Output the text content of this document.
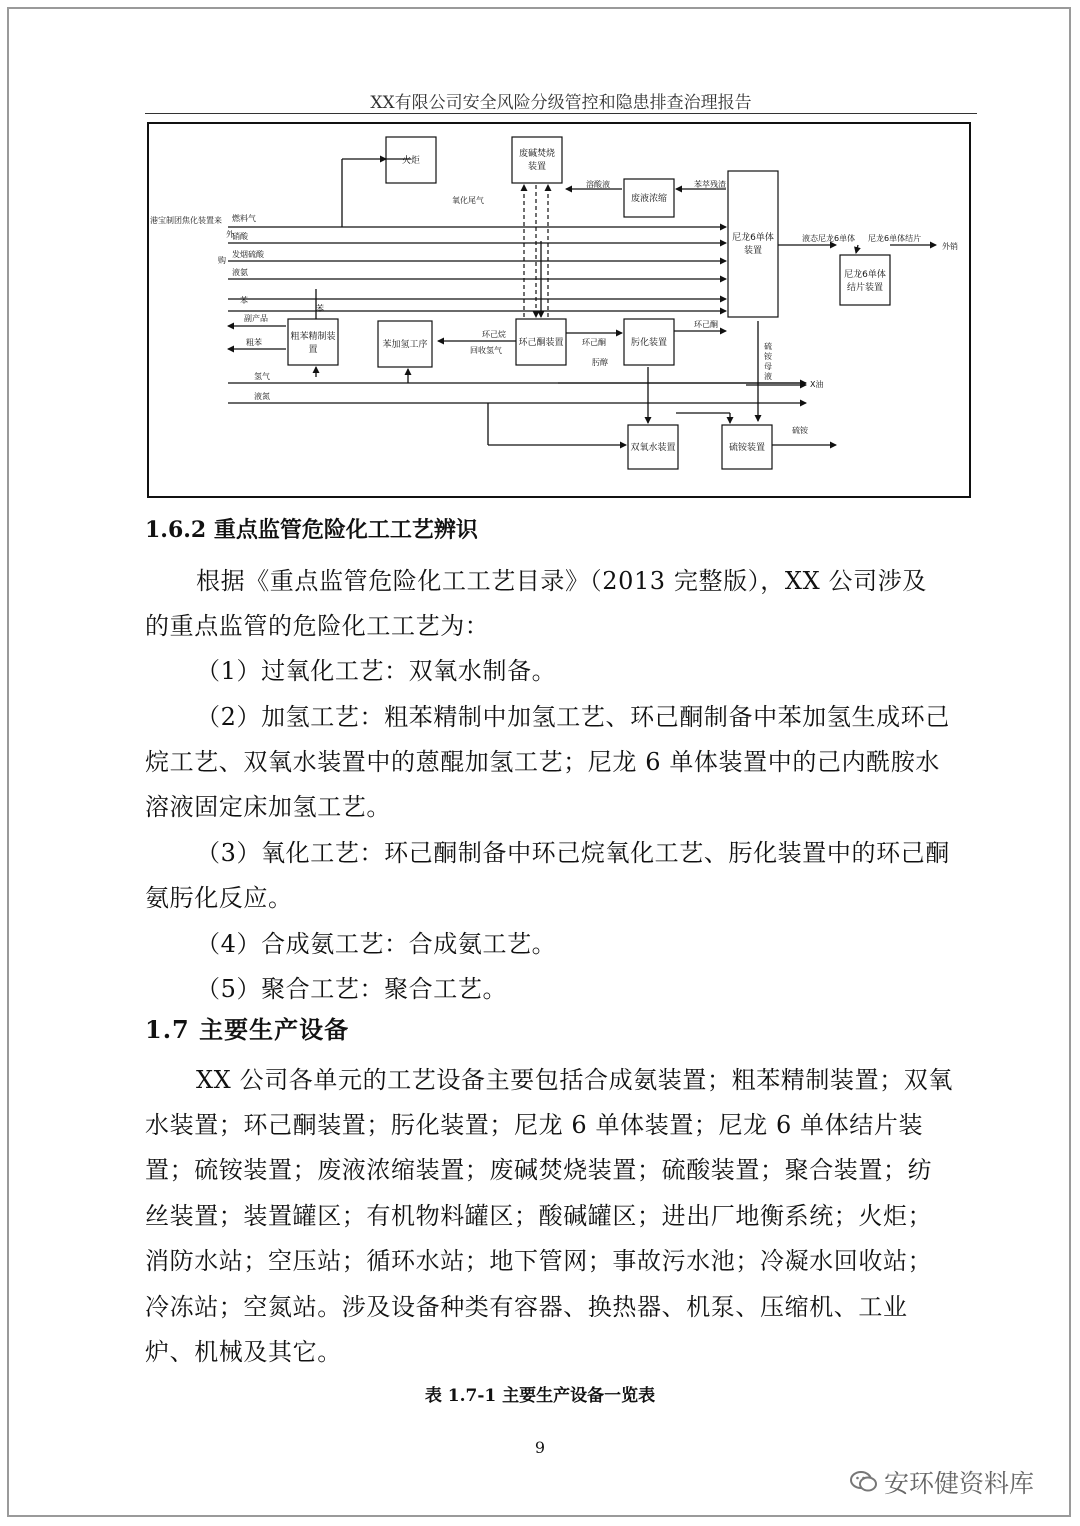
XX有限公司安全风险分级管控和隐患排查治理报告
火炬
废碱焚烧
装置
废液浓缩
尼龙6单体
装置
尼龙6单体
结片装置
粗苯精制装
置	苯加氢工序	环己酮装置	肟化装置
双氧水装置	硫铵装置
港宝制团焦化装置来
外
燃料气
硝酸
购
发烟硫酸
液氨
苯
苯
副产品
粗苯
氢气
液氮
氧化尾气
溶酸液	苯萃残渣
环己烷
回收氢气
环己酮
环己酮
肟醇
硫
铵
母
液
X油
液态尼龙6单体 尼龙6单体结片
外销
硫铵
1.6.2 重点监管危险化工工艺辨识
根据《重点监管危险化工工艺目录》（2013 完整版），XX 公司涉及
的重点监管的危险化工工艺为：
（1）过氧化工艺：双氧水制备。
（2）加氢工艺：粗苯精制中加氢工艺、环己酮制备中苯加氢生成环己
烷工艺、双氧水装置中的蒽醌加氢工艺；尼龙 6 单体装置中的己内酰胺水
溶液固定床加氢工艺。
（3）氧化工艺：环己酮制备中环己烷氧化工艺、肟化装置中的环己酮
氨肟化反应。
（4）合成氨工艺：合成氨工艺。
（5）聚合工艺：聚合工艺。
1.7 主要生产设备
XX 公司各单元的工艺设备主要包括合成氨装置；粗苯精制装置；双氧
水装置；环己酮装置；肟化装置；尼龙 6 单体装置；尼龙 6 单体结片装
置；硫铵装置；废液浓缩装置；废碱焚烧装置；硫酸装置；聚合装置；纺
丝装置；装置罐区；有机物料罐区；酸碱罐区；进出厂地衡系统；火炬；
消防水站；空压站；循环水站；地下管网；事故污水池；冷凝水回收站；
冷冻站；空氮站。涉及设备种类有容器、换热器、机泵、压缩机、工业
炉、机械及其它。
表 1.7-1 主要生产设备一览表
9
安环健资料库
